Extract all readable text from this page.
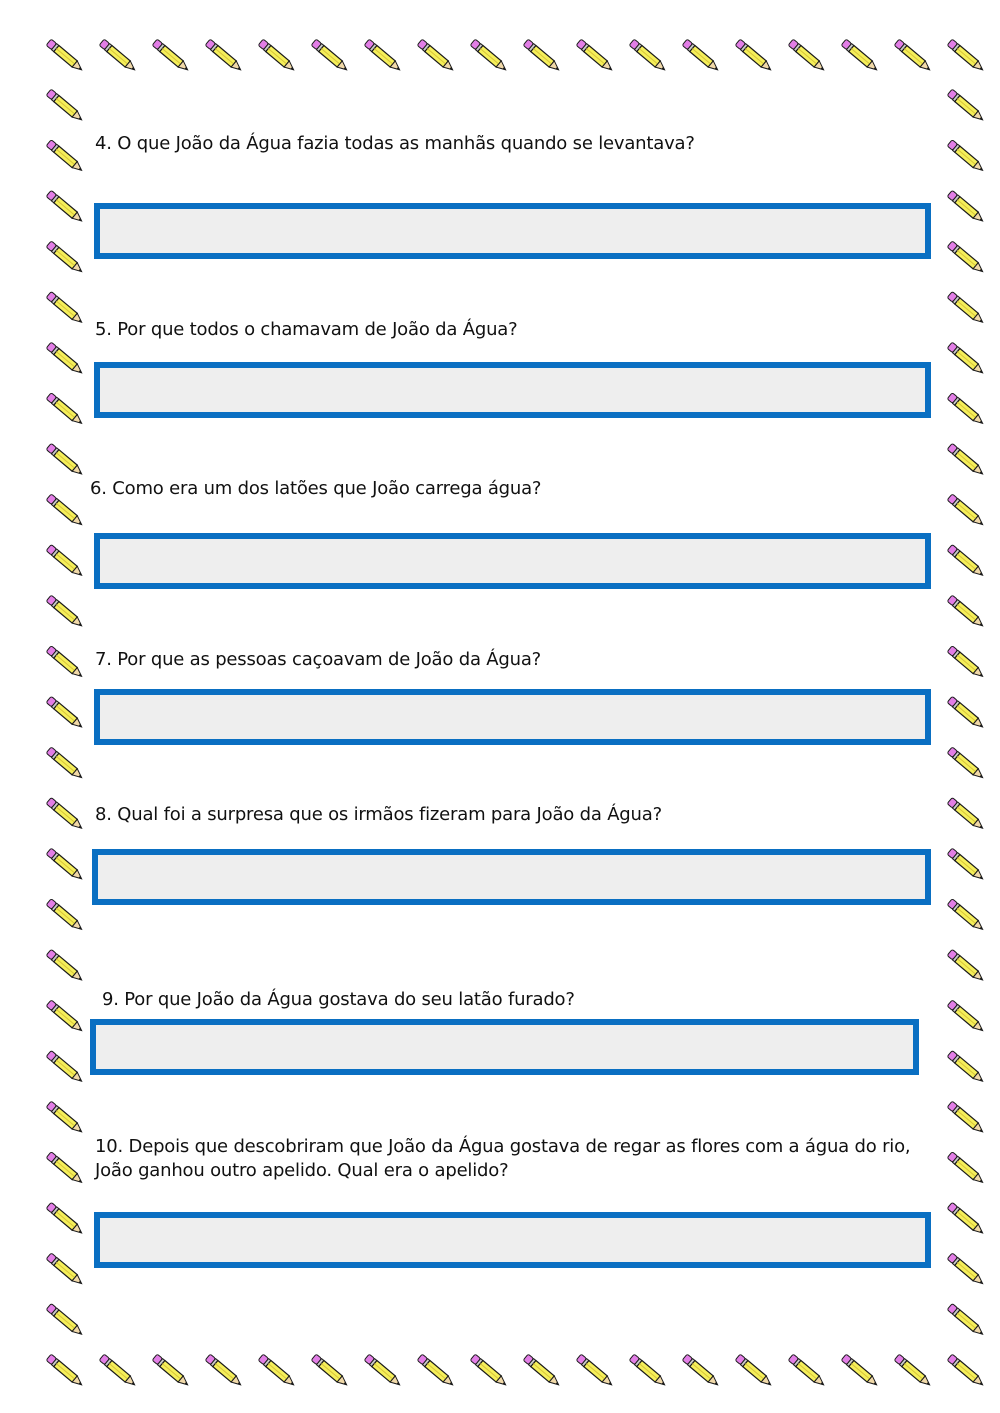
4. O que João da Água fazia todas as manhãs quando se levantava?
5. Por que todos o chamavam de João da Água?
6. Como era um dos latões que João carrega água?
7. Por que as pessoas caçoavam de João da Água?
8. Qual foi a surpresa que os irmãos fizeram para João da Água?
9. Por que João da Água gostava do seu latão furado?
10. Depois que descobriram que João da Água gostava de regar as flores com a água do rio, João ganhou outro apelido. Qual era o apelido?
